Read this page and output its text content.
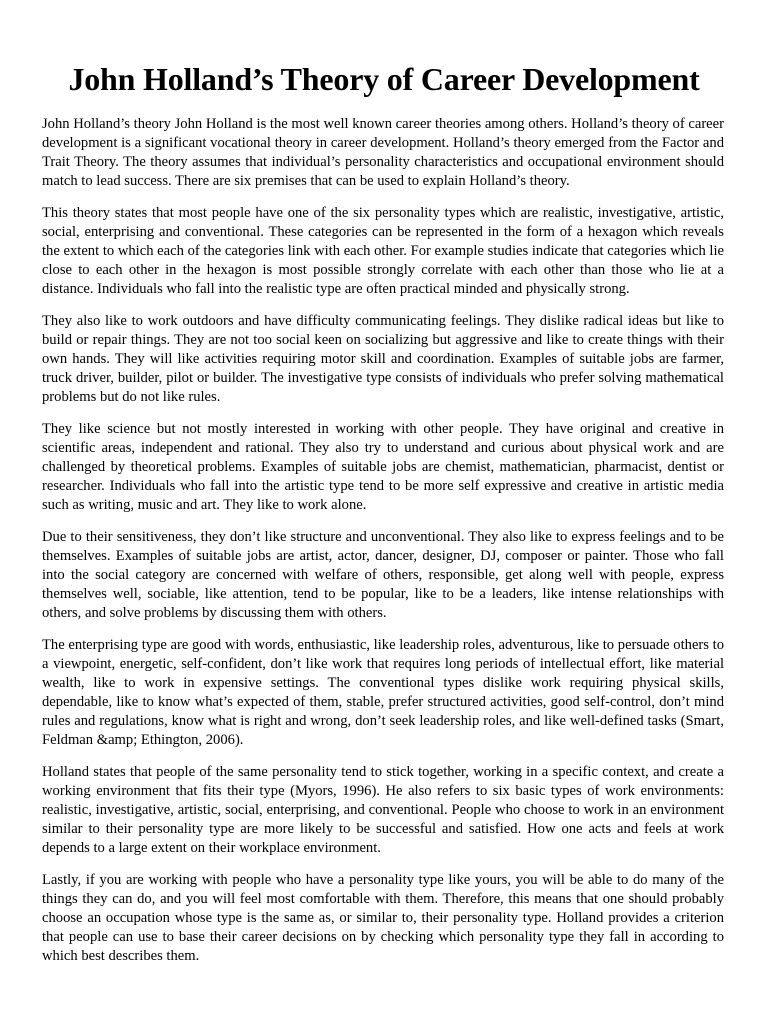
John Holland’s Theory of Career Development

John Holland’s theory John Holland is the most well known career theories among others. Holland’s theory of career development is a significant vocational theory in career development. Holland’s theory emerged from the Factor and Trait Theory. The theory assumes that individual’s personality characteristics and occupational environment should match to lead success. There are six premises that can be used to explain Holland’s theory.

This theory states that most people have one of the six personality types which are realistic, investigative, artistic, social, enterprising and conventional. These categories can be represented in the form of a hexagon which reveals the extent to which each of the categories link with each other. For example studies indicate that categories which lie close to each other in the hexagon is most possible strongly correlate with each other than those who lie at a distance. Individuals who fall into the realistic type are often practical minded and physically strong.

They also like to work outdoors and have difficulty communicating feelings. They dislike radical ideas but like to build or repair things. They are not too social keen on socializing but aggressive and like to create things with their own hands. They will like activities requiring motor skill and coordination. Examples of suitable jobs are farmer, truck driver, builder, pilot or builder. The investigative type consists of individuals who prefer solving mathematical problems but do not like rules.

They like science but not mostly interested in working with other people. They have original and creative in scientific areas, independent and rational. They also try to understand and curious about physical work and are challenged by theoretical problems. Examples of suitable jobs are chemist, mathematician, pharmacist, dentist or researcher. Individuals who fall into the artistic type tend to be more self expressive and creative in artistic media such as writing, music and art. They like to work alone.

Due to their sensitiveness, they don’t like structure and unconventional. They also like to express feelings and to be themselves. Examples of suitable jobs are artist, actor, dancer, designer, DJ, composer or painter. Those who fall into the social category are concerned with welfare of others, responsible, get along well with people, express themselves well, sociable, like attention, tend to be popular, like to be a leaders, like intense relationships with others, and solve problems by discussing them with others.

The enterprising type are good with words, enthusiastic, like leadership roles, adventurous, like to persuade others to a viewpoint, energetic, self-confident, don’t like work that requires long periods of intellectual effort, like material wealth, like to work in expensive settings. The conventional types dislike work requiring physical skills, dependable, like to know what’s expected of them, stable, prefer structured activities, good self-control, don’t mind rules and regulations, know what is right and wrong, don’t seek leadership roles, and like well-defined tasks (Smart, Feldman &amp; Ethington, 2006).

Holland states that people of the same personality tend to stick together, working in a specific context, and create a working environment that fits their type (Myors, 1996). He also refers to six basic types of work environments: realistic, investigative, artistic, social, enterprising, and conventional. People who choose to work in an environment similar to their personality type are more likely to be successful and satisfied. How one acts and feels at work depends to a large extent on their workplace environment.

Lastly, if you are working with people who have a personality type like yours, you will be able to do many of the things they can do, and you will feel most comfortable with them. Therefore, this means that one should probably choose an occupation whose type is the same as, or similar to, their personality type. Holland provides a criterion that people can use to base their career decisions on by checking which personality type they fall in according to which best describes them.
